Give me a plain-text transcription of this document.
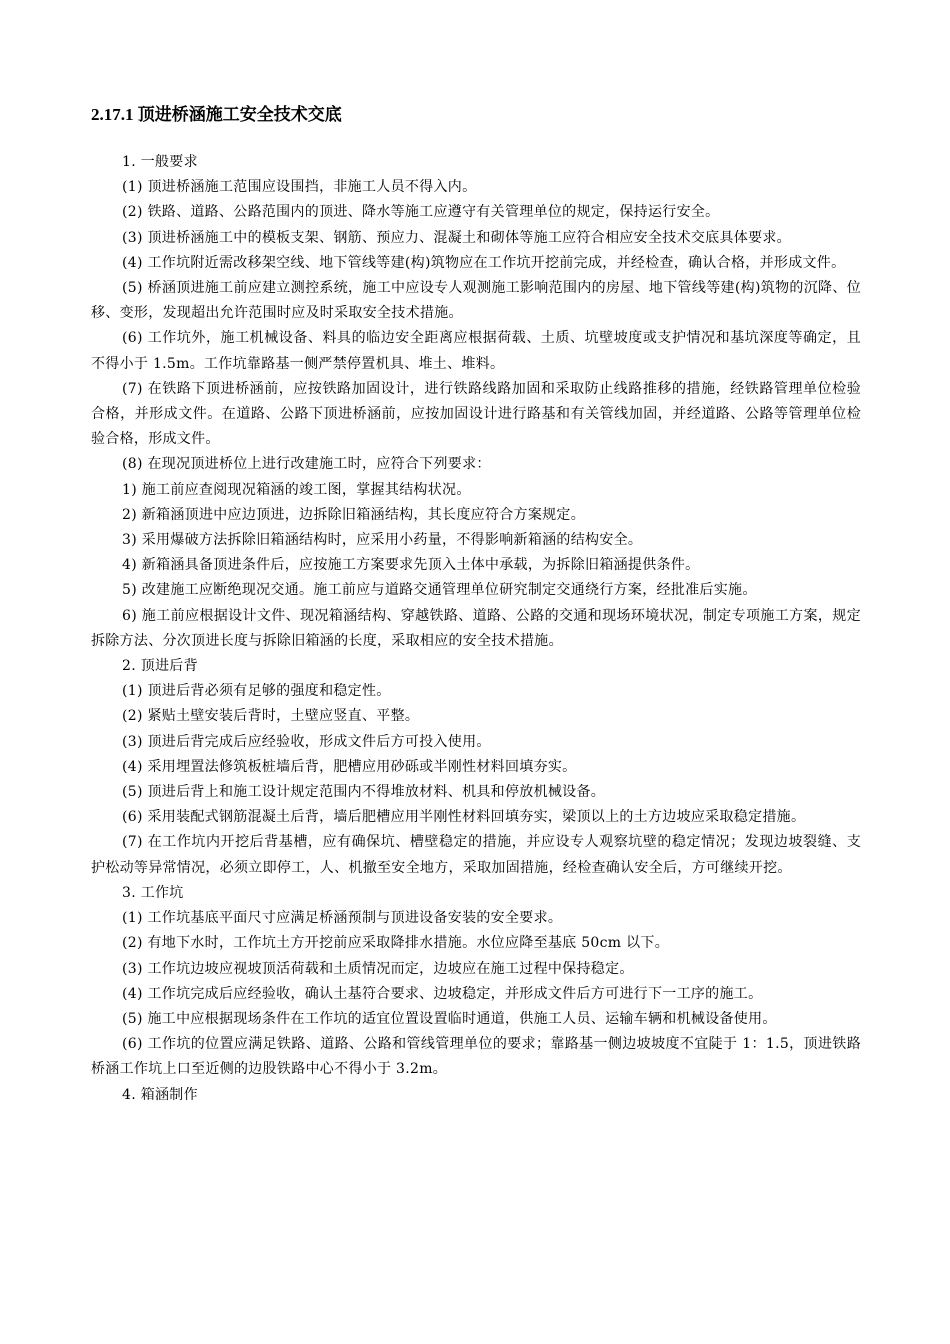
2.17.1 顶进桥涵施工安全技术交底

1. 一般要求

(1) 顶进桥涵施工范围应设围挡，非施工人员不得入内。

(2) 铁路、道路、公路范围内的顶进、降水等施工应遵守有关管理单位的规定，保持运行安全。

(3) 顶进桥涵施工中的模板支架、钢筋、预应力、混凝土和砌体等施工应符合相应安全技术交底具体要求。

(4) 工作坑附近需改移架空线、地下管线等建(构)筑物应在工作坑开挖前完成，并经检查，确认合格，并形成文件。

(5) 桥涵顶进施工前应建立测控系统，施工中应设专人观测施工影响范围内的房屋、地下管线等建(构)筑物的沉降、位移、变形，发现超出允许范围时应及时采取安全技术措施。

(6) 工作坑外，施工机械设备、料具的临边安全距离应根据荷载、土质、坑壁坡度或支护情况和基坑深度等确定，且不得小于 1.5m。工作坑靠路基一侧严禁停置机具、堆土、堆料。

(7) 在铁路下顶进桥涵前，应按铁路加固设计，进行铁路线路加固和采取防止线路推移的措施，经铁路管理单位检验合格，并形成文件。在道路、公路下顶进桥涵前，应按加固设计进行路基和有关管线加固，并经道路、公路等管理单位检验合格，形成文件。

(8) 在现况顶进桥位上进行改建施工时，应符合下列要求：

1) 施工前应查阅现况箱涵的竣工图，掌握其结构状况。

2) 新箱涵顶进中应边顶进，边拆除旧箱涵结构，其长度应符合方案规定。

3) 采用爆破方法拆除旧箱涵结构时，应采用小药量，不得影响新箱涵的结构安全。

4) 新箱涵具备顶进条件后，应按施工方案要求先顶入土体中承载，为拆除旧箱涵提供条件。

5) 改建施工应断绝现况交通。施工前应与道路交通管理单位研究制定交通绕行方案，经批准后实施。

6) 施工前应根据设计文件、现况箱涵结构、穿越铁路、道路、公路的交通和现场环境状况，制定专项施工方案，规定拆除方法、分次顶进长度与拆除旧箱涵的长度，采取相应的安全技术措施。

2. 顶进后背

(1) 顶进后背必须有足够的强度和稳定性。

(2) 紧贴土壁安装后背时，土壁应竖直、平整。

(3) 顶进后背完成后应经验收，形成文件后方可投入使用。

(4) 采用埋置法修筑板桩墙后背，肥槽应用砂砾或半刚性材料回填夯实。

(5) 顶进后背上和施工设计规定范围内不得堆放材料、机具和停放机械设备。

(6) 采用装配式钢筋混凝土后背，墙后肥槽应用半刚性材料回填夯实，梁顶以上的土方边坡应采取稳定措施。

(7) 在工作坑内开挖后背基槽，应有确保坑、槽壁稳定的措施，并应设专人观察坑壁的稳定情况；发现边坡裂缝、支护松动等异常情况，必须立即停工，人、机撤至安全地方，采取加固措施，经检查确认安全后，方可继续开挖。

3. 工作坑

(1) 工作坑基底平面尺寸应满足桥涵预制与顶进设备安装的安全要求。

(2) 有地下水时，工作坑土方开挖前应采取降排水措施。水位应降至基底 50cm 以下。

(3) 工作坑边坡应视坡顶活荷载和土质情况而定，边坡应在施工过程中保持稳定。

(4) 工作坑完成后应经验收，确认土基符合要求、边坡稳定，并形成文件后方可进行下一工序的施工。

(5) 施工中应根据现场条件在工作坑的适宜位置设置临时通道，供施工人员、运输车辆和机械设备使用。

(6) 工作坑的位置应满足铁路、道路、公路和管线管理单位的要求；靠路基一侧边坡坡度不宜陡于 1：1.5，顶进铁路桥涵工作坑上口至近侧的边股铁路中心不得小于 3.2m。

4. 箱涵制作
